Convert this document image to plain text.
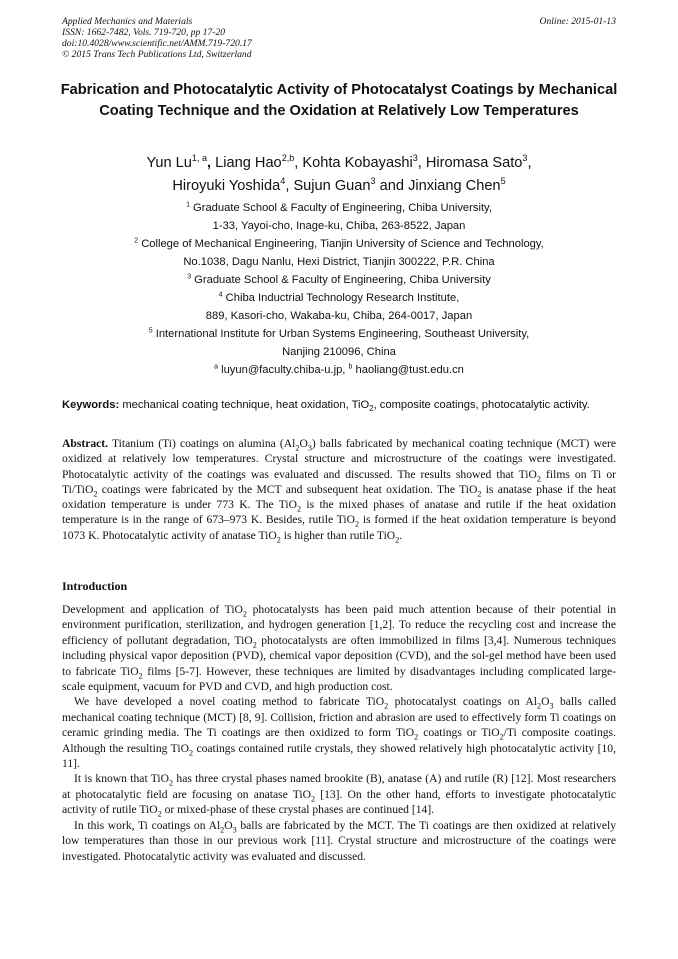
Applied Mechanics and Materials
ISSN: 1662-7482, Vols. 719-720, pp 17-20
doi:10.4028/www.scientific.net/AMM.719-720.17
© 2015 Trans Tech Publications Ltd, Switzerland
Online: 2015-01-13
Fabrication and Photocatalytic Activity of Photocatalyst Coatings by Mechanical Coating Technique and the Oxidation at Relatively Low Temperatures
Yun Lu$^{1, a}$, Liang Hao$^{2,b}$, Kohta Kobayashi$^3$, Hiromasa Sato$^3$,
Hiroyuki Yoshida$^4$, Sujun Guan$^3$ and Jinxiang Chen$^5$
$^1$ Graduate School & Faculty of Engineering, Chiba University,
1-33, Yayoi-cho, Inage-ku, Chiba, 263-8522, Japan
$^2$ College of Mechanical Engineering, Tianjin University of Science and Technology,
No.1038, Dagu Nanlu, Hexi District, Tianjin 300222, P.R. China
$^3$ Graduate School & Faculty of Engineering, Chiba University
$^4$ Chiba Inductrial Technology Research Institute,
889, Kasori-cho, Wakaba-ku, Chiba, 264-0017, Japan
$^5$ International Institute for Urban Systems Engineering, Southeast University,
Nanjing 210096, China
$^a$ luyun@faculty.chiba-u.jp, $^b$ haoliang@tust.edu.cn
Keywords: mechanical coating technique, heat oxidation, TiO$_2$, composite coatings, photocatalytic activity.
Abstract. Titanium (Ti) coatings on alumina $(Al_2O_3)$ balls fabricated by mechanical coating technique (MCT) were oxidized at relatively low temperatures. Crystal structure and microstructure of the coatings were investigated. Photocatalytic activity of the coatings was evaluated and discussed. The results showed that TiO$_2$ films on Ti or Ti/TiO$_2$ coatings were fabricated by the MCT and subsequent heat oxidation. The TiO$_2$ is anatase phase if the heat oxidation temperature is under 773 K. The TiO$_2$ is the mixed phases of anatase and rutile if the heat oxidation temperature is in the range of 673–973 K. Besides, rutile TiO$_2$ is formed if the heat oxidation temperature is beyond 1073 K. Photocatalytic activity of anatase TiO$_2$ is higher than rutile TiO$_2$.
Introduction

Development and application of TiO$_2$ photocatalysts has been paid much attention because of their potential in environment purification, sterilization, and hydrogen generation [1,2]. To reduce the recycling cost and increase the efficiency of pollutant degradation, TiO$_2$ photocatalysts are often immobilized in films [3,4]. Numerous techniques including physical vapor deposition (PVD), chemical vapor deposition (CVD), and the sol-gel method have been used to fabricate TiO$_2$ films [5-7]. However, these techniques are limited by disadvantages including complicated large-scale equipment, vacuum for PVD and CVD, and high production cost.

We have developed a novel coating method to fabricate TiO$_2$ photocatalyst coatings on $Al_2O_3$ balls called mechanical coating technique (MCT) [8, 9]. Collision, friction and abrasion are used to effectively form Ti coatings on ceramic grinding media. The Ti coatings are then oxidized to form TiO$_2$ coatings or TiO$_2$/Ti composite coatings. Although the resulting TiO$_2$ coatings contained rutile crystals, they showed relatively high photocatalytic activity [10, 11].

It is known that TiO$_2$ has three crystal phases named brookite (B), anatase (A) and rutile (R) [12]. Most researchers at photocatalytic field are focusing on anatase TiO$_2$ [13]. On the other hand, efforts to investigate photocatalytic activity of rutile TiO$_2$ or mixed-phase of these crystal phases are continued [14].

In this work, Ti coatings on $Al_2O_3$ balls are fabricated by the MCT. The Ti coatings are then oxidized at relatively low temperatures than those in our previous work [11]. Crystal structure and microstructure of the coatings were investigated. Photocatalytic activity was evaluated and discussed.
